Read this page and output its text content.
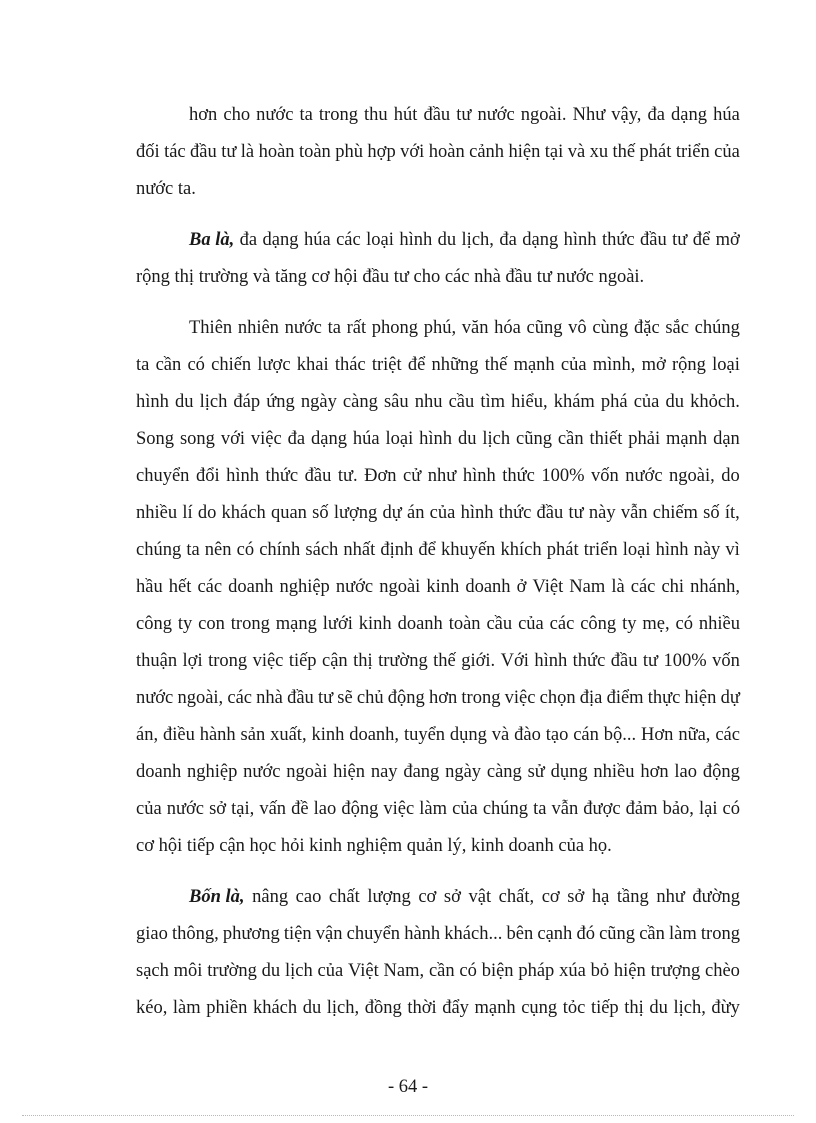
hơn cho nước ta trong thu hút đầu tư nước ngoài. Như vậy, đa dạng húa
đối tác đầu tư là hoàn toàn phù hợp với hoàn cảnh hiện tại và xu thế phát triển của
nước ta.
Ba là, đa dạng húa các loại hình du lịch, đa dạng hình thức đầu tư để mở
rộng thị trường và tăng cơ hội đầu tư cho các nhà đầu tư nước ngoài.
Thiên nhiên nước ta rất phong phú, văn hóa cũng vô cùng đặc sắc chúng
ta cần có chiến lược khai thác triệt để những thế mạnh của mình, mở rộng loại
hình du lịch đáp ứng ngày càng sâu nhu cầu tìm hiểu, khám phá của du khỏch.
Song song với việc đa dạng húa loại hình du lịch cũng cần thiết phải mạnh dạn
chuyển đổi hình thức đầu tư. Đơn cử như hình thức 100% vốn nước ngoài, do
nhiều lí do khách quan số lượng dự án của hình thức đầu tư này vẫn chiếm số ít,
chúng ta nên có chính sách nhất định để khuyến khích phát triển loại hình này vì
hầu hết các doanh nghiệp nước ngoài kinh doanh ở Việt Nam là các chi nhánh,
công ty con trong mạng lưới kinh doanh toàn cầu của các công ty mẹ, có nhiều
thuận lợi trong việc tiếp cận thị trường thế giới. Với hình thức đầu tư 100% vốn
nước ngoài, các nhà đầu tư sẽ chủ động hơn trong việc chọn địa điểm thực hiện dự
án, điều hành sản xuất, kinh doanh, tuyển dụng và đào tạo cán bộ... Hơn nữa, các
doanh nghiệp nước ngoài hiện nay đang ngày càng sử dụng nhiều hơn lao động
của nước sở tại, vấn đề lao động việc làm của chúng ta vẫn được đảm bảo, lại có
cơ hội tiếp cận học hỏi kinh nghiệm quản lý, kinh doanh của họ.
Bốn là, nâng cao chất lượng cơ sở vật chất, cơ sở hạ tầng như đường
giao thông, phương tiện vận chuyển hành khách... bên cạnh đó cũng cần làm trong
sạch môi trường du lịch của Việt Nam, cần có biện pháp xúa bỏ hiện trượng chèo
kéo, làm phiền khách du lịch, đồng thời đẩy mạnh cụng tỏc tiếp thị du lịch, đừy
- 64 -
